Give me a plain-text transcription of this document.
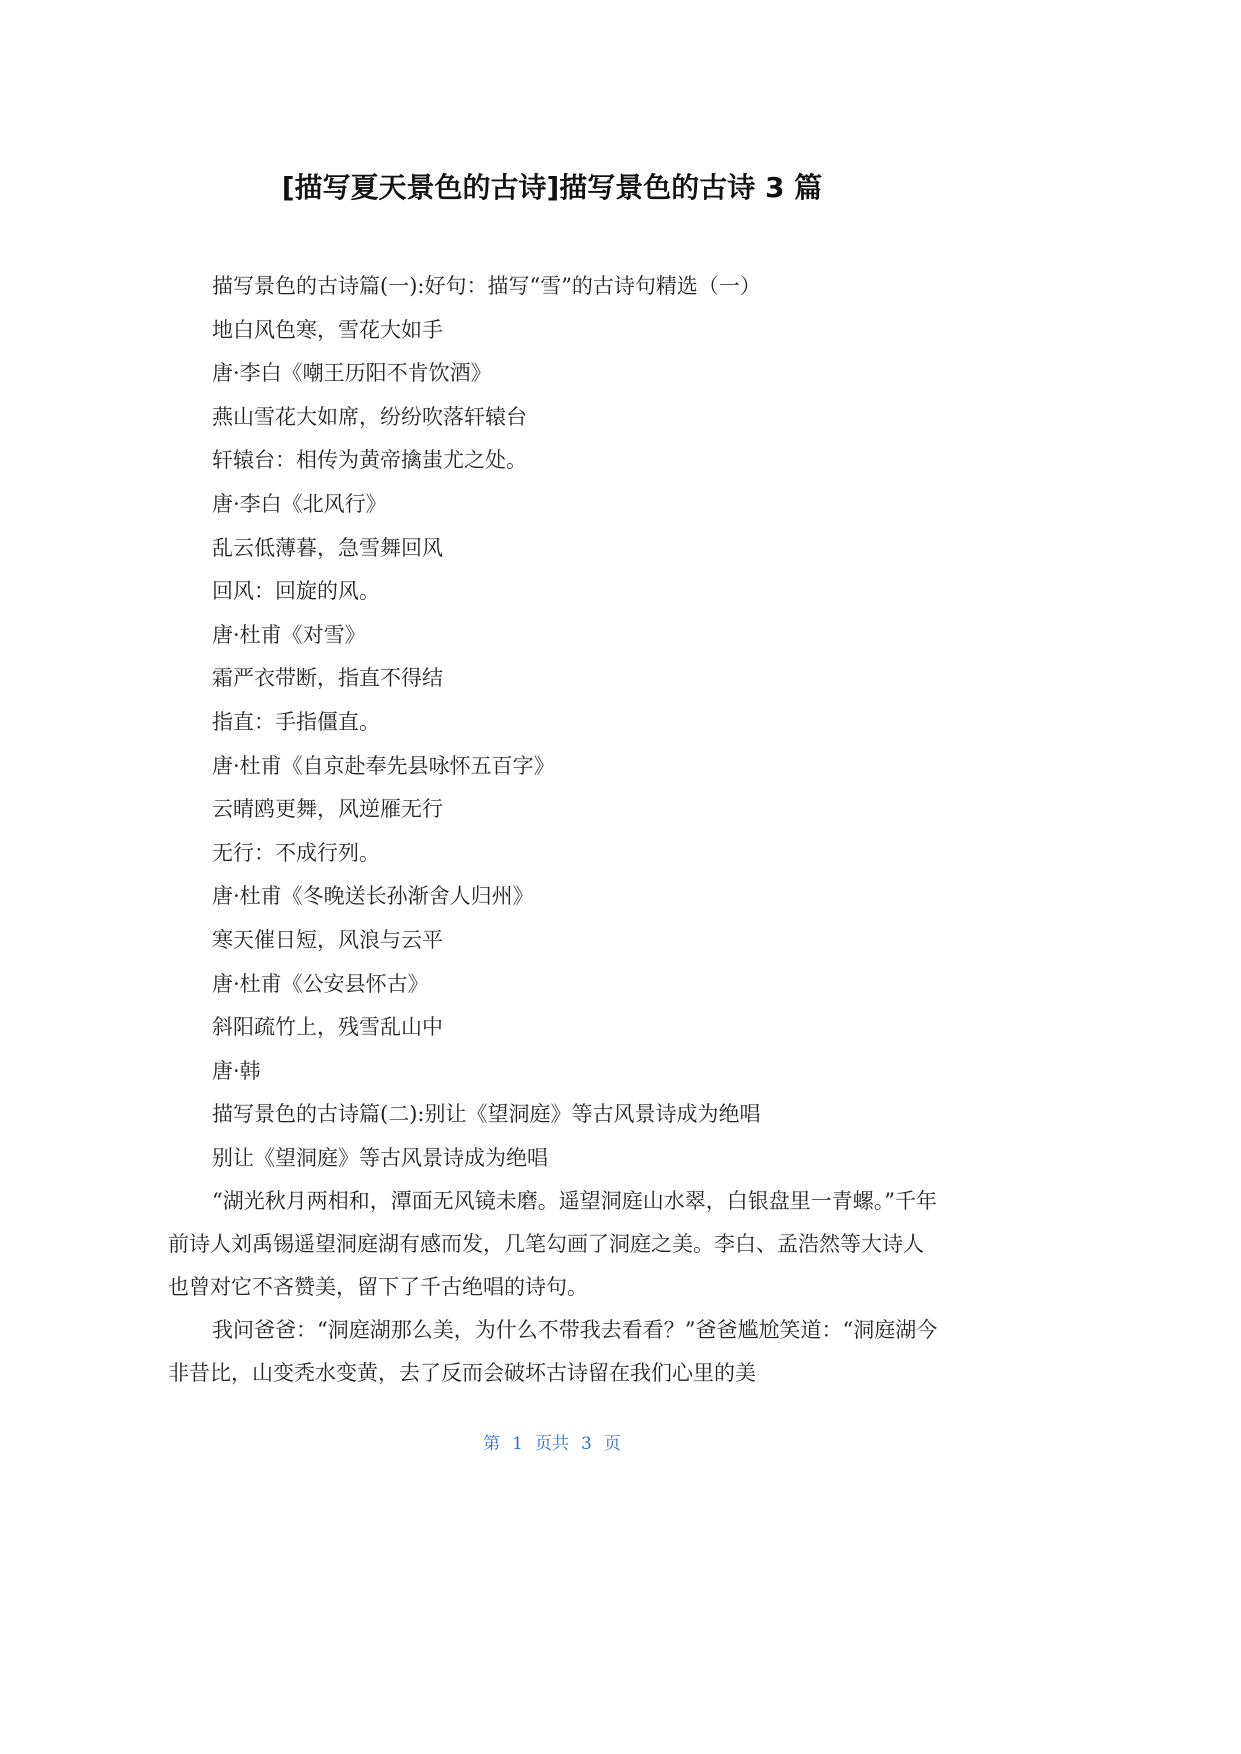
[描写夏天景色的古诗]描写景色的古诗 3 篇

描写景色的古诗篇(一):好句：描写“雪”的古诗句精选（一）

地白风色寒，雪花大如手

唐·李白《嘲王历阳不肯饮酒》

燕山雪花大如席，纷纷吹落轩辕台

轩辕台：相传为黄帝擒蚩尤之处。

唐·李白《北风行》

乱云低薄暮，急雪舞回风

回风：回旋的风。

唐·杜甫《对雪》

霜严衣带断，指直不得结

指直：手指僵直。

唐·杜甫《自京赴奉先县咏怀五百字》

云晴鸥更舞，风逆雁无行

无行：不成行列。

唐·杜甫《冬晚送长孙渐舍人归州》

寒天催日短，风浪与云平

唐·杜甫《公安县怀古》

斜阳疏竹上，残雪乱山中

唐·韩

描写景色的古诗篇(二):别让《望洞庭》等古风景诗成为绝唱

别让《望洞庭》等古风景诗成为绝唱

“湖光秋月两相和，潭面无风镜未磨。遥望洞庭山水翠，白银盘里一青螺。”千年前诗人刘禹锡遥望洞庭湖有感而发，几笔勾画了洞庭之美。李白、孟浩然等大诗人也曾对它不吝赞美，留下了千古绝唱的诗句。

我问爸爸：“洞庭湖那么美，为什么不带我去看看？”爸爸尴尬笑道：“洞庭湖今非昔比，山变秃水变黄，去了反而会破坏古诗留在我们心里的美

第 1 页共 3 页
